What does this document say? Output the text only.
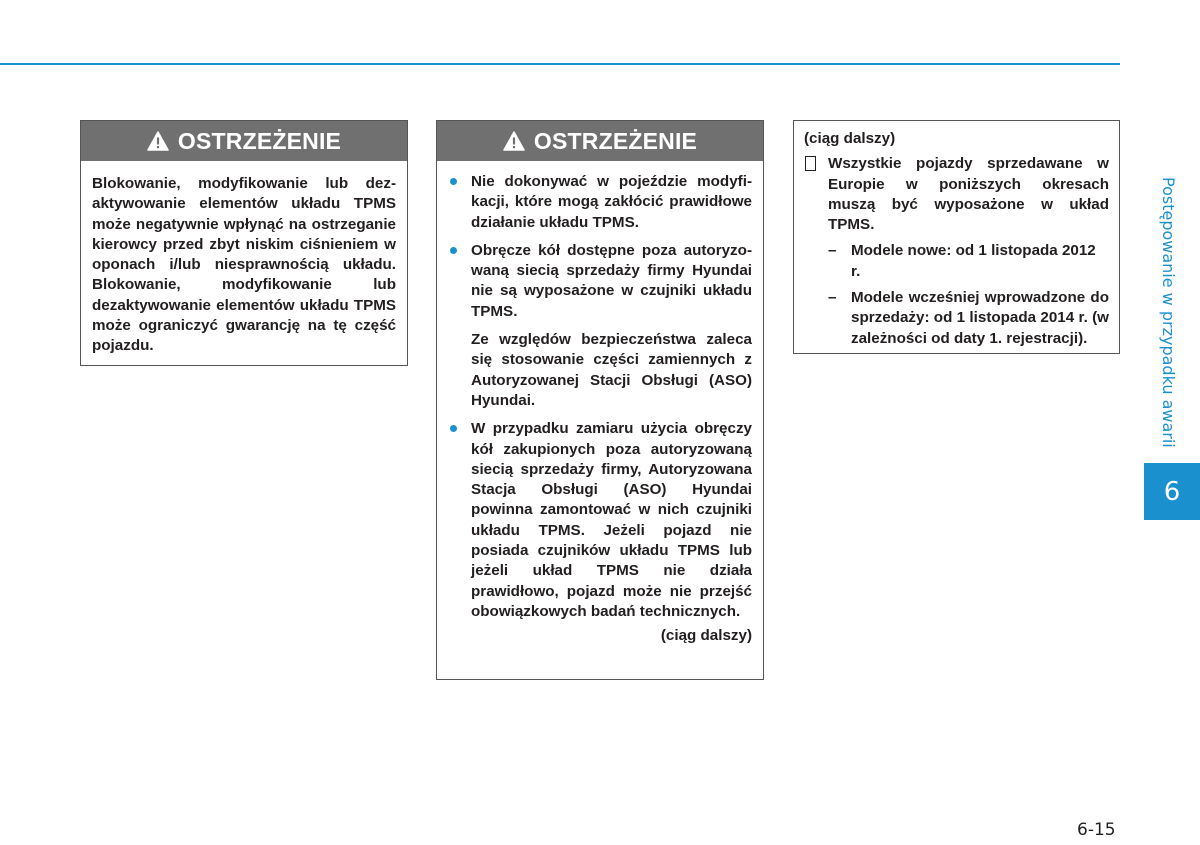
OSTRZEŻENIE
Blokowanie, modyfikowanie lub dezaktywowanie elementów układu TPMS może negatywnie wpłynąć na ostrzeganie kierowcy przed zbyt niskim ciśnieniem w oponach i/lub niesprawnością układu. Blokowanie, modyfikowanie lub dezaktywowanie elementów układu TPMS może ograniczyć gwarancję na tę część pojazdu.
OSTRZEŻENIE
Nie dokonywać w pojeździe modyfikacji, które mogą zakłócić prawidłowe działanie układu TPMS.
Obręcze kół dostępne poza autoryzowaną siecią sprzedaży firmy Hyundai nie są wyposażone w czujniki układu TPMS.

Ze względów bezpieczeństwa zaleca się stosowanie części zamiennych z Autoryzowanej Stacji Obsługi (ASO) Hyundai.

W przypadku zamiaru użycia obręczy kół zakupionych poza autoryzowaną siecią sprzedaży firmy, Autoryzowana Stacja Obsługi (ASO) Hyundai powinna zamontować w nich czujniki układu TPMS. Jeżeli pojazd nie posiada czujników układu TPMS lub jeżeli układ TPMS nie działa prawidłowo, pojazd może nie przejść obowiązkowych badań technicznych.
(ciąg dalszy)
(ciąg dalszy)
Wszystkie pojazdy sprzedawane w Europie w poniższych okresach muszą być wyposażone w układ TPMS.
– Modele nowe: od 1 listopada 2012 r.
– Modele wcześniej wprowadzone do sprzedaży: od 1 listopada 2014 r. (w zależności od daty 1. rejestracji).	Postępowanie w przypadku awarii
6
6-15
